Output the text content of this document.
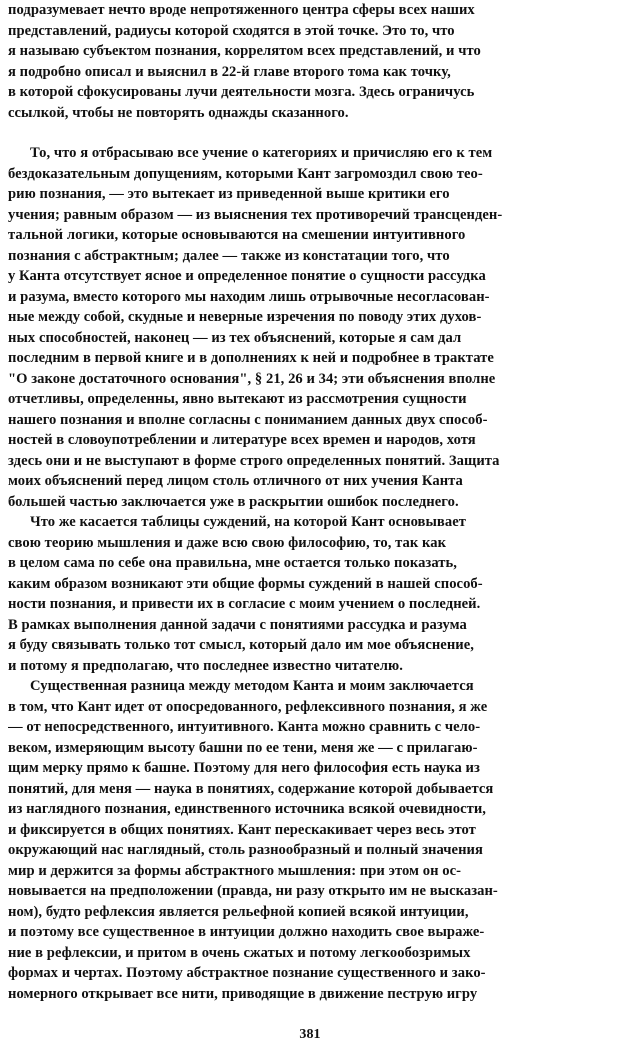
подразумевает нечто вроде непротяженного центра сферы всех наших
представлений, радиусы которой сходятся в этой точке. Это то, что
я называю субъектом познания, коррелятом всех представлений, и что
я подробно описал и выяснил в 22-й главе второго тома как точку,
в которой сфокусированы лучи деятельности мозга. Здесь ограничусь
ссылкой, чтобы не повторять однажды сказанного.
То, что я отбрасываю все учение о категориях и причисляю его к тем
бездоказательным допущениям, которыми Кант загромоздил свою тео-
рию познания, — это вытекает из приведенной выше критики его
учения; равным образом — из выяснения тех противоречий трансценден-
тальной логики, которые основываются на смешении интуитивного
познания с абстрактным; далее — также из констатации того, что
у Канта отсутствует ясное и определенное понятие о сущности рассудка
и разума, вместо которого мы находим лишь отрывочные несогласован-
ные между собой, скудные и неверные изречения по поводу этих духов-
ных способностей, наконец — из тех объяснений, которые я сам дал
последним в первой книге и в дополнениях к ней и подробнее в трактате
"О законе достаточного основания", § 21, 26 и 34; эти объяснения вполне
отчетливы, определенны, явно вытекают из рассмотрения сущности
нашего познания и вполне согласны с пониманием данных двух способ-
ностей в словоупотреблении и литературе всех времен и народов, хотя
здесь они и не выступают в форме строго определенных понятий. Защита
моих объяснений перед лицом столь отличного от них учения Канта
большей частью заключается уже в раскрытии ошибок последнего.
Что же касается таблицы суждений, на которой Кант основывает
свою теорию мышления и даже всю свою философию, то, так как
в целом сама по себе она правильна, мне остается только показать,
каким образом возникают эти общие формы суждений в нашей способ-
ности познания, и привести их в согласие с моим учением о последней.
В рамках выполнения данной задачи с понятиями рассудка и разума
я буду связывать только тот смысл, который дало им мое объяснение,
и потому я предполагаю, что последнее известно читателю.
Существенная разница между методом Канта и моим заключается
в том, что Кант идет от опосредованного, рефлексивного познания, я же
— от непосредственного, интуитивного. Канта можно сравнить с чело-
веком, измеряющим высоту башни по ее тени, меня же — с прилагаю-
щим мерку прямо к башне. Поэтому для него философия есть наука из
понятий, для меня — наука в понятиях, содержание которой добывается
из наглядного познания, единственного источника всякой очевидности,
и фиксируется в общих понятиях. Кант перескакивает через весь этот
окружающий нас наглядный, столь разнообразный и полный значения
мир и держится за формы абстрактного мышления: при этом он ос-
новывается на предположении (правда, ни разу открыто им не высказан-
ном), будто рефлексия является рельефной копией всякой интуиции,
и поэтому все существенное в интуиции должно находить свое выраже-
ние в рефлексии, и притом в очень сжатых и потому легкообозримых
формах и чертах. Поэтому абстрактное познание существенного и зако-
номерного открывает все нити, приводящие в движение пеструю игру
381
